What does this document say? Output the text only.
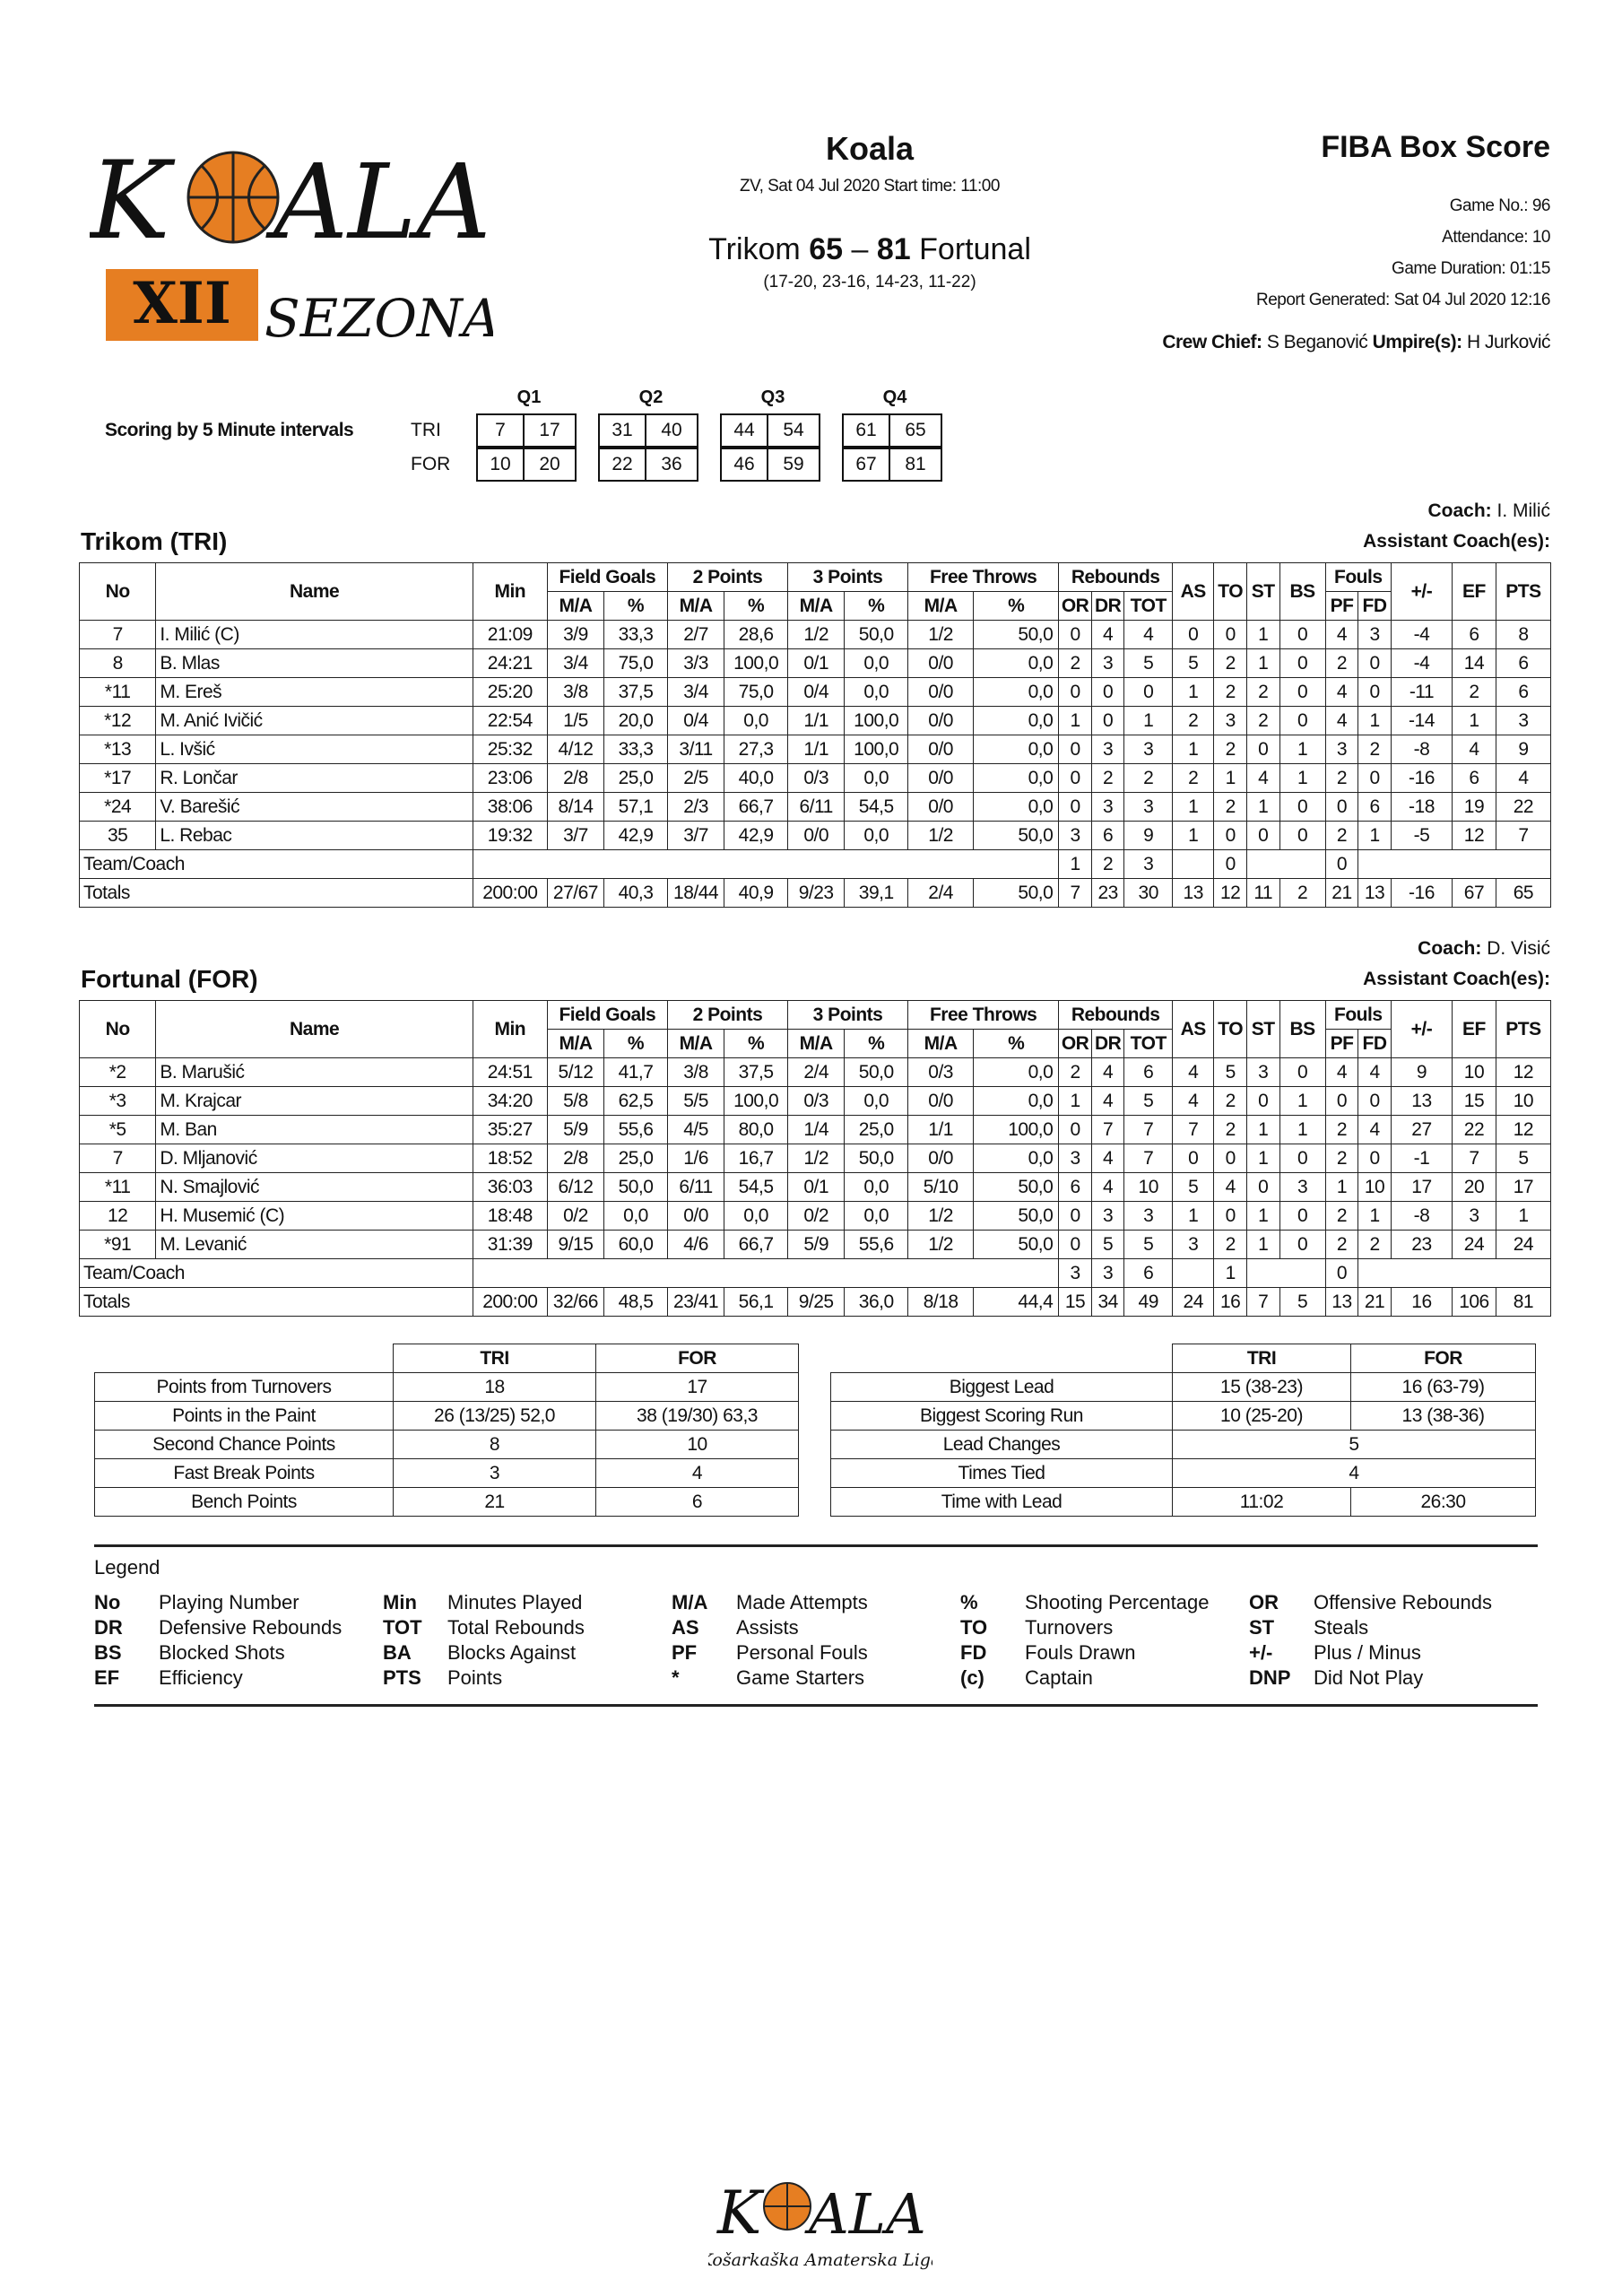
K ALA
XII SEZONA
Koala
ZV, Sat 04 Jul 2020 Start time: 11:00
Trikom 65 – 81 Fortunal
(17-20, 23-16, 14-23, 11-22)
FIBA Box Score
Game No.: 96
Attendance: 10
Game Duration: 01:15
Report Generated: Sat 04 Jul 2020 12:16
Crew Chief: S Beganović Umpire(s): H Jurković
Scoring by 5 Minute intervals
Q1	Q2	Q3	Q4
TRI
FOR
7	17	31	40	44	54	61	65
10	20	22	36	46	59	67	81
Coach: I. Milić
Trikom (TRI)	Assistant Coach(es):
No	Name	Min	Field Goals		2 Points		3 Points		Free Throws		Rebounds			AS	TO	ST	BS	Fouls		+/-	EF	PTS
			M/A	%	M/A	%	M/A	%	M/A	%	OR	DR	TOT					PF	FD			
7	I. Milić (C)	21:09	3/9	33,3	2/7	28,6	1/2	50,0	1/2	50,0	0	4	4	0	0	1	0	4	3	-4	6	8
8	B. Mlas	24:21	3/4	75,0	3/3	100,0	0/1	0,0	0/0	0,0	2	3	5	5	2	1	0	2	0	-4	14	6
*11	M. Ereš	25:20	3/8	37,5	3/4	75,0	0/4	0,0	0/0	0,0	0	0	0	1	2	2	0	4	0	-11	2	6
*12	M. Anić Ivičić	22:54	1/5	20,0	0/4	0,0	1/1	100,0	0/0	0,0	1	0	1	2	3	2	0	4	1	-14	1	3
*13	L. Ivšić	25:32	4/12	33,3	3/11	27,3	1/1	100,0	0/0	0,0	0	3	3	1	2	0	1	3	2	-8	4	9
*17	R. Lončar	23:06	2/8	25,0	2/5	40,0	0/3	0,0	0/0	0,0	0	2	2	2	1	4	1	2	0	-16	6	4
*24	V. Barešić	38:06	8/14	57,1	2/3	66,7	6/11	54,5	0/0	0,0	0	3	3	1	2	1	0	0	6	-18	19	22
35	L. Rebac	19:32	3/7	42,9	3/7	42,9	0/0	0,0	1/2	50,0	3	6	9	1	0	0	0	2	1	-5	12	7
Team/Coach											1	2	3		0			0				
Totals		200:00	27/67	40,3	18/44	40,9	9/23	39,1	2/4	50,0	7	23	30	13	12	11	2	21	13	-16	67	65
Coach: D. Visić
Fortunal (FOR)	Assistant Coach(es):
No	Name	Min	Field Goals		2 Points		3 Points		Free Throws		Rebounds			AS	TO	ST	BS	Fouls		+/-	EF	PTS
			M/A	%	M/A	%	M/A	%	M/A	%	OR	DR	TOT					PF	FD			
*2	B. Marušić	24:51	5/12	41,7	3/8	37,5	2/4	50,0	0/3	0,0	2	4	6	4	5	3	0	4	4	9	10	12
*3	M. Krajcar	34:20	5/8	62,5	5/5	100,0	0/3	0,0	0/0	0,0	1	4	5	4	2	0	1	0	0	13	15	10
*5	M. Ban	35:27	5/9	55,6	4/5	80,0	1/4	25,0	1/1	100,0	0	7	7	7	2	1	1	2	4	27	22	12
7	D. Mljanović	18:52	2/8	25,0	1/6	16,7	1/2	50,0	0/0	0,0	3	4	7	0	0	1	0	2	0	-1	7	5
*11	N. Smajlović	36:03	6/12	50,0	6/11	54,5	0/1	0,0	5/10	50,0	6	4	10	5	4	0	3	1	10	17	20	17
12	H. Musemić (C)	18:48	0/2	0,0	0/0	0,0	0/2	0,0	1/2	50,0	0	3	3	1	0	1	0	2	1	-8	3	1
*91	M. Levanić	31:39	9/15	60,0	4/6	66,7	5/9	55,6	1/2	50,0	0	5	5	3	2	1	0	2	2	23	24	24
Team/Coach											3	3	6		1			0				
Totals		200:00	32/66	48,5	23/41	56,1	9/25	36,0	8/18	44,4	15	34	49	24	16	7	5	13	21	16	106	81
	TRI	FOR
Points from Turnovers	18	17
Points in the Paint	26 (13/25) 52,0	38 (19/30) 63,3
Second Chance Points	8	10
Fast Break Points	3	4
Bench Points	21	6
	TRI	FOR
Biggest Lead	15 (38-23)	16 (63-79)
Biggest Scoring Run	10 (25-20)	13 (38-36)
Lead Changes	5	
Times Tied	4	
Time with Lead	11:02	26:30
Legend
No Playing Number
DR Defensive Rebounds
BS Blocked Shots
EF Efficiency
Min Minutes Played
TOT Total Rebounds
BA Blocks Against
PTS Points
M/A Made Attempts
AS Assists
PF Personal Fouls
*	Game Starters
% Shooting Percentage
TO Turnovers
FD Fouls Drawn
(c) Captain
OR Offensive Rebounds
ST Steals
+/- Plus / Minus
DNP Did Not Play
K ALA
Košarkaška Amaterska Liga
